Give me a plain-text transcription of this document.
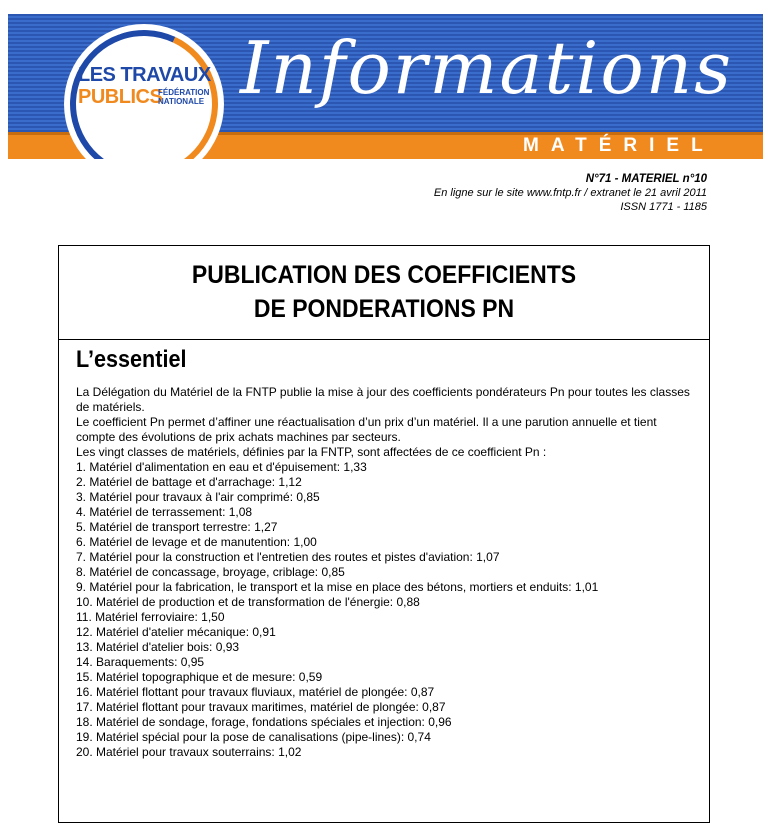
LES TRAVAUX
PUBLICS
FÉDÉRATION NATIONALE Informations
MATÉRIEL
N°71 - MATERIEL n°10
En ligne sur le site www.fntp.fr / extranet le 21 avril 2011
ISSN 1771 - 1185
PUBLICATION DES COEFFICIENTS
DE PONDERATIONS PN
L’essentiel

La Délégation du Matériel de la FNTP publie la mise à jour des coefficients pondérateurs Pn pour toutes les classes de matériels.

Le coefficient Pn permet d’affiner une réactualisation d’un prix d’un matériel. Il a une parution annuelle et tient compte des évolutions de prix achats machines par secteurs.

Les vingt classes de matériels, définies par la FNTP, sont affectées de ce coefficient Pn :

1. Matériel d'alimentation en eau et d'épuisement: 1,33
2. Matériel de battage et d'arrachage: 1,12
3. Matériel pour travaux à l'air comprimé: 0,85
4. Matériel de terrassement: 1,08
5. Matériel de transport terrestre: 1,27
6. Matériel de levage et de manutention: 1,00
7. Matériel pour la construction et l'entretien des routes et pistes d'aviation: 1,07
8. Matériel de concassage, broyage, criblage: 0,85
9. Matériel pour la fabrication, le transport et la mise en place des bétons, mortiers et enduits: 1,01
10. Matériel de production et de transformation de l'énergie: 0,88
11. Matériel ferroviaire: 1,50
12. Matériel d'atelier mécanique: 0,91
13. Matériel d'atelier bois: 0,93
14. Baraquements: 0,95
15. Matériel topographique et de mesure: 0,59
16. Matériel flottant pour travaux fluviaux, matériel de plongée: 0,87
17. Matériel flottant pour travaux maritimes, matériel de plongée: 0,87
18. Matériel de sondage, forage, fondations spéciales et injection: 0,96
19. Matériel spécial pour la pose de canalisations (pipe-lines): 0,74
20. Matériel pour travaux souterrains: 1,02
